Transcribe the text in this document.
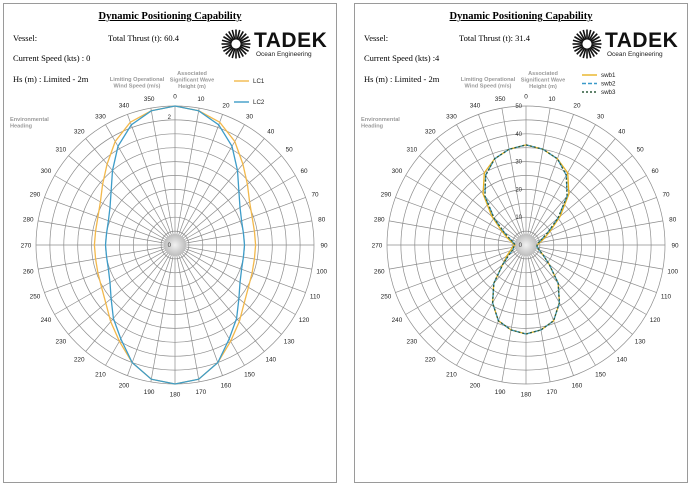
Dynamic Positioning Capability
Vessel:	Total Thrust (t): 60.4
Current Speed (kts) : 0
Hs (m) : Limited - 2m
TADEK
Ocean Engineering
0	10
20
30
40
50
60
70
80
90
100
110
120
130
140
150
160
170
180
190
200
210
220
230
240
250
260
270
280
290
300
310
320
330
340
350
0
2
Limiting Operational Wind Speed (m/s)
Associated Significant Wave Height (m)
Environmental Heading
LC1
LC2
Dynamic Positioning Capability
Vessel:	Total Thrust (t): 31.4
Current Speed (kts) :4
Hs (m) : Limited - 2m
TADEK
Ocean Engineering
0	10
20
30
40
50
60
70
80
90
100
110
120
130
140
150
160
170
180
190
200
210
220
230
240
250
260
270
280
290
300
310
320
330
340
350
0
10
20
30
40
50
Limiting Operational Wind Speed (m/s)
Associated Significant Wave Height (m)
Environmental Heading
swb1
swb2
swb3
